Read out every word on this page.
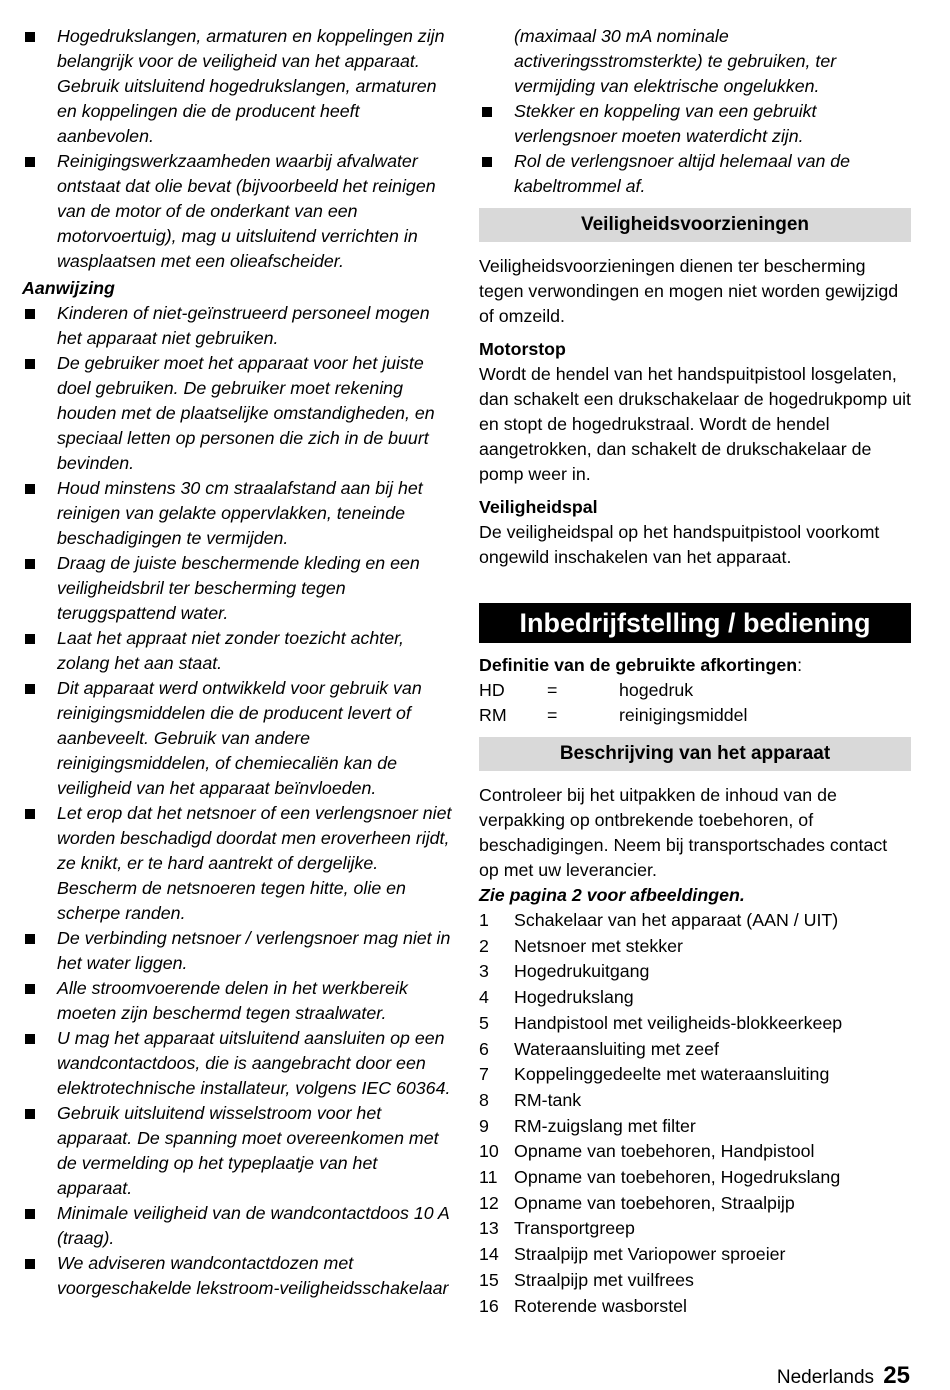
Hogedrukslangen, armaturen en koppelingen zijn belangrijk voor de veiligheid van het apparaat. Gebruik uitsluitend hogedrukslangen, armaturen en koppelingen die de producent heeft aanbevolen.
Reinigingswerkzaamheden waarbij afvalwater ontstaat dat olie bevat (bijvoorbeeld het reinigen van de motor of de onderkant van een motorvoertuig), mag u uitsluitend verrichten in wasplaatsen met een olieafscheider.
Aanwijzing
Kinderen of niet-geïnstrueerd personeel mogen het apparaat niet gebruiken.
De gebruiker moet het apparaat voor het juiste doel gebruiken. De gebruiker moet rekening houden met de plaatselijke omstandigheden, en speciaal letten op personen die zich in de buurt bevinden.
Houd minstens 30 cm straalafstand aan bij het reinigen van gelakte oppervlakken, teneinde beschadigingen te vermijden.
Draag de juiste beschermende kleding en een veiligheidsbril ter bescherming tegen teruggspattend water.
Laat het appraat niet zonder toezicht achter, zolang het aan staat.
Dit apparaat werd ontwikkeld voor gebruik van reinigingsmiddelen die de producent levert of aanbeveelt. Gebruik van andere reinigingsmiddelen, of chemiecaliën kan de veiligheid van het apparaat beïnvloeden.
Let erop dat het netsnoer of een verlengsnoer niet worden beschadigd doordat men eroverheen rijdt, ze knikt, er te hard aantrekt of dergelijke. Bescherm de netsnoeren tegen hitte, olie en scherpe randen.
De verbinding netsnoer / verlengsnoer mag niet in het water liggen.
Alle stroomvoerende delen in het werkbereik moeten zijn beschermd tegen straalwater.
U mag het apparaat uitsluitend aansluiten op een wandcontactdoos, die is aangebracht door een elektrotechnische installateur, volgens IEC 60364.
Gebruik uitsluitend wisselstroom voor het apparaat. De spanning moet overeenkomen met de vermelding op het typeplaatje van het apparaat.
Minimale veiligheid van de wandcontactdoos 10 A (traag).
We adviseren wandcontactdozen met voorgeschakelde lekstroom-veiligheidsschakelaar
(maximaal 30 mA nominale activeringsstromsterkte) te gebruiken, ter vermijding van elektrische ongelukken.
Stekker en koppeling van een gebruikt verlengsnoer moeten waterdicht zijn.
Rol de verlengsnoer altijd helemaal van de kabeltrommel af.
Veiligheidsvoorzieningen

Veiligheidsvoorzieningen dienen ter bescherming tegen verwondingen en mogen niet worden gewijzigd of omzeild.

Motorstop

Wordt de hendel van het handspuitpistool losgelaten, dan schakelt een drukschakelaar de hogedrukpomp uit en stopt de hogedrukstraal. Wordt de hendel aangetrokken, dan schakelt de drukschakelaar de pomp weer in.

Veiligheidspal

De veiligheidspal op het handspuitpistool voorkomt ongewild inschakelen van het apparaat.

Inbedrijfstelling / bediening
Definitie van de gebruikte afkortingen:
HD	=	hogedruk
RM	=	reinigingsmiddel
Beschrijving van het apparaat

Controleer bij het uitpakken de inhoud van de verpakking op ontbrekende toebehoren, of beschadigingen. Neem bij transportschades contact op met uw leverancier.

Zie pagina 2 voor afbeeldingen.
1	Schakelaar van het apparaat (AAN / UIT)
2	Netsnoer met stekker
3	Hogedrukuitgang
4	Hogedrukslang
5	Handpistool met veiligheids-blokkeerkeep
6	Wateraansluiting met zeef
7	Koppelinggedeelte met wateraansluiting
8	RM-tank
9	RM-zuigslang met filter
10 Opname van toebehoren, Handpistool
11 Opname van toebehoren, Hogedrukslang
12 Opname van toebehoren, Straalpijp
13 Transportgreep
14 Straalpijp met Variopower sproeier
15 Straalpijp met vuilfrees
16 Roterende wasborstel
Nederlands 25
